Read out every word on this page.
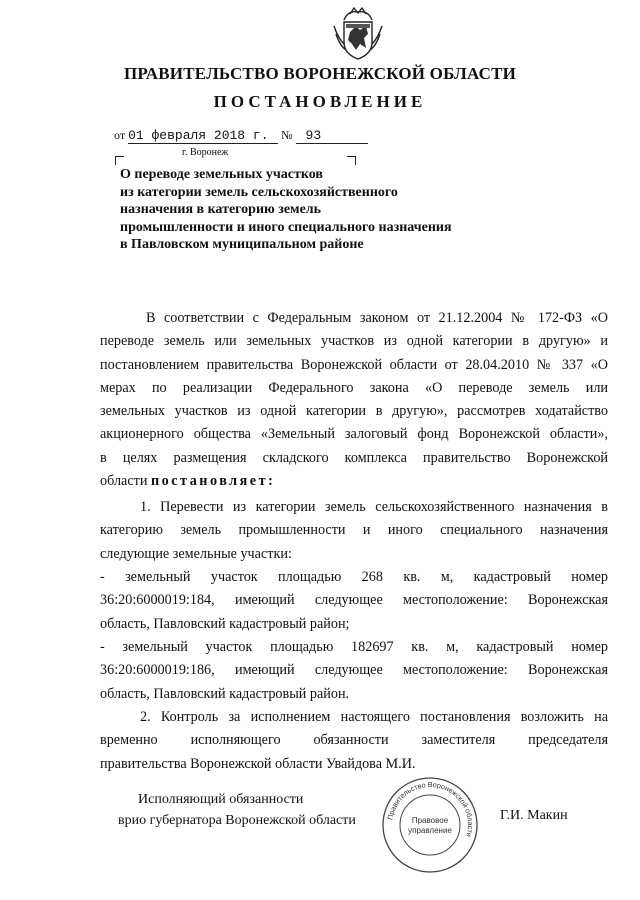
ПРАВИТЕЛЬСТВО ВОРОНЕЖСКОЙ ОБЛАСТИ
ПОСТАНОВЛЕНИЕ
от 01 февраля 2018 г. № 93
г. Воронеж
О переводе земельных участков
из категории земель сельскохозяйственного
назначения в категорию земель
промышленности и иного специального назначения
в Павловском муниципальном районе
В соответствии с Федеральным законом от 21.12.2004 № 172-ФЗ «О
переводе земель или земельных участков из одной категории в другую» и
постановлением правительства Воронежской области от 28.04.2010 № 337 «О
мерах по реализации Федерального закона «О переводе земель или
земельных участков из одной категории в другую», рассмотрев ходатайство
акционерного общества «Земельный залоговый фонд Воронежской области»,
в целях размещения складского комплекса правительство Воронежской
области постановляет:
1. Перевести из категории земель сельскохозяйственного назначения в
категорию земель промышленности и иного специального назначения
следующие земельные участки:
- земельный участок площадью 268 кв. м, кадастровый номер
36:20:6000019:184, имеющий следующее местоположение: Воронежская
область, Павловский кадастровый район;
- земельный участок площадью 182697 кв. м, кадастровый номер
36:20:6000019:186, имеющий следующее местоположение: Воронежская
область, Павловский кадастровый район.
2. Контроль за исполнением настоящего постановления возложить на
временно исполняющего обязанности заместителя председателя
правительства Воронежской области Увайдова М.И.
Исполняющий обязанности
врио губернатора Воронежской области	Правительство Воронежской области
Правовое
управление
Г.И. Макин
